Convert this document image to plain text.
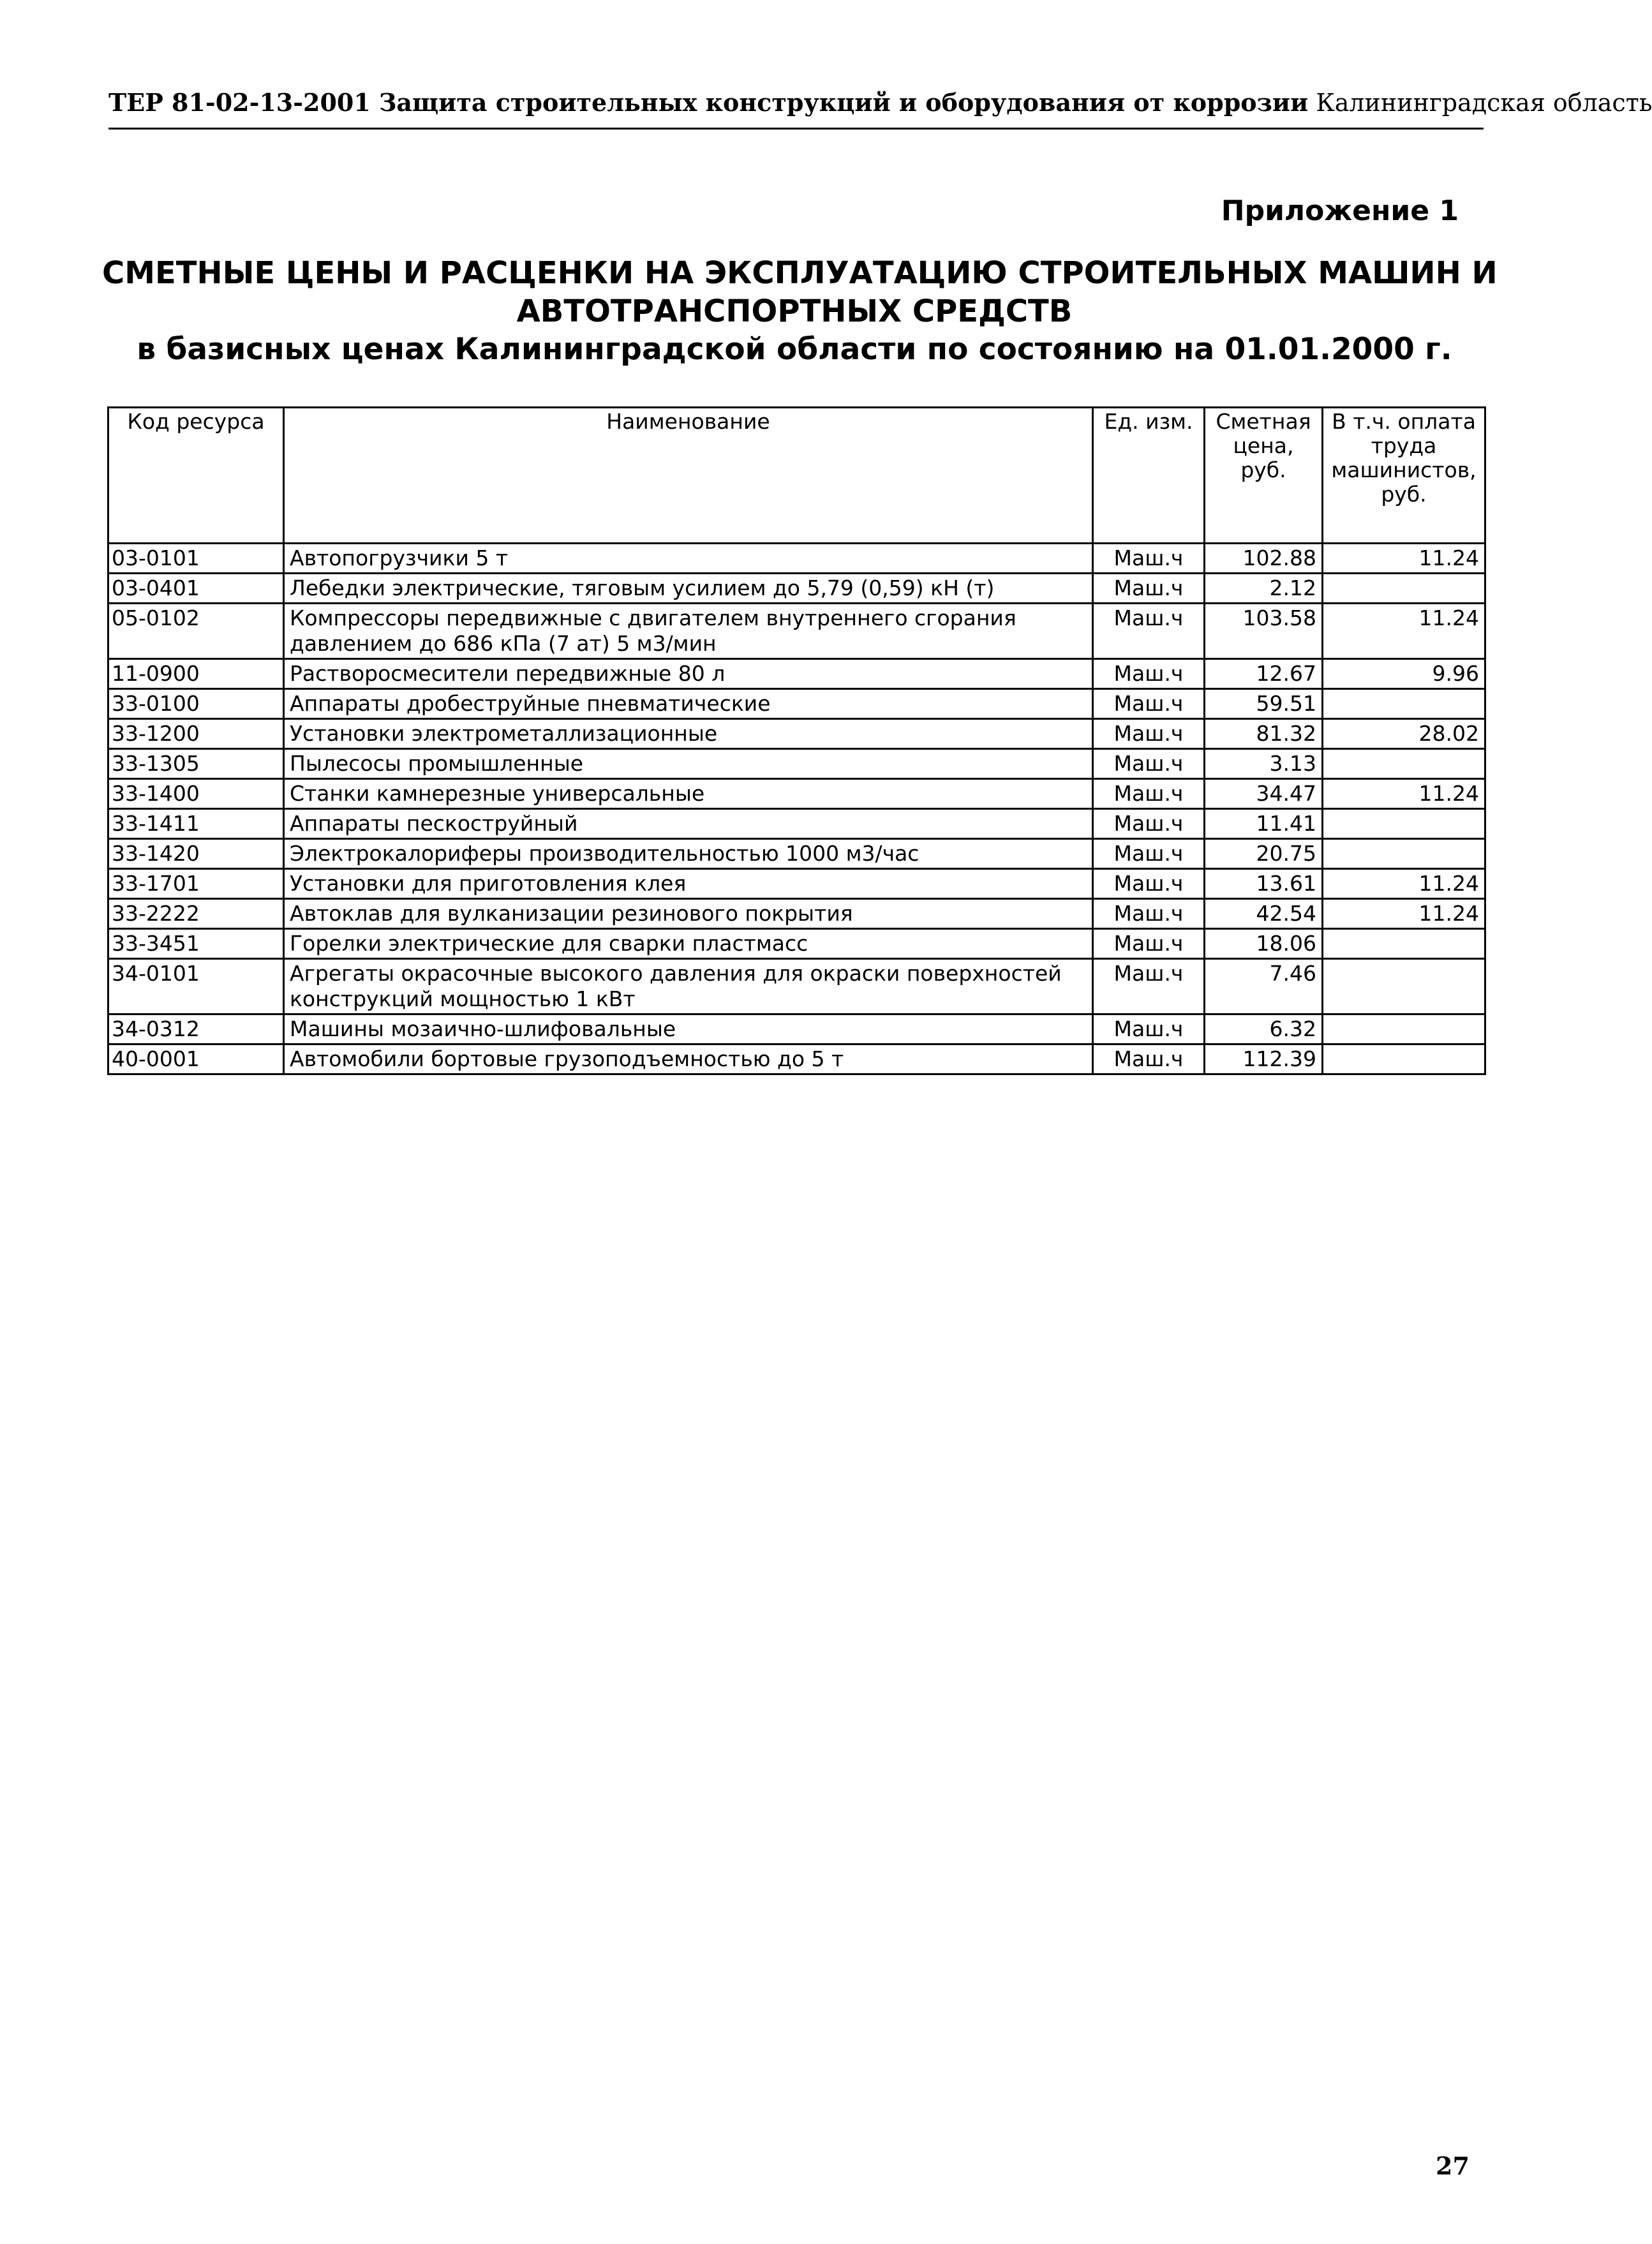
ТЕР 81-02-13-2001 Защита строительных конструкций и оборудования от коррозии Калининградская область
Приложение 1
СМЕТНЫЕ ЦЕНЫ И РАСЦЕНКИ НА ЭКСПЛУАТАЦИЮ СТРОИТЕЛЬНЫХ МАШИН И
АВТОТРАНСПОРТНЫХ СРЕДСТВ
в базисных ценах Калининградской области по состоянию на 01.01.2000 г.
Код ресурса	Наименование	Ед. изм.	Сметная цена, руб.	В т.ч. оплата труда машинистов, руб.
03-0101	Автопогрузчики 5 т	Маш.ч	102.88	11.24
03-0401	Лебедки электрические, тяговым усилием до 5,79 (0,59) кН (т)	Маш.ч	2.12	
05-0102	Компрессоры передвижные с двигателем внутреннего сгорания давлением до 686 кПа (7 ат) 5 м3/мин	Маш.ч	103.58	11.24
11-0900	Растворосмесители передвижные 80 л	Маш.ч	12.67	9.96
33-0100	Аппараты дробеструйные пневматические	Маш.ч	59.51	
33-1200	Установки электрометаллизационные	Маш.ч	81.32	28.02
33-1305	Пылесосы промышленные	Маш.ч	3.13	
33-1400	Станки камнерезные универсальные	Маш.ч	34.47	11.24
33-1411	Аппараты пескоструйный	Маш.ч	11.41	
33-1420	Электрокалориферы производительностью 1000 м3/час	Маш.ч	20.75	
33-1701	Установки для приготовления клея	Маш.ч	13.61	11.24
33-2222	Автоклав для вулканизации резинового покрытия	Маш.ч	42.54	11.24
33-3451	Горелки электрические для сварки пластмасс	Маш.ч	18.06	
34-0101	Агрегаты окрасочные высокого давления для окраски поверхностей конструкций мощностью 1 кВт	Маш.ч	7.46	
34-0312	Машины мозаично-шлифовальные	Маш.ч	6.32	
40-0001	Автомобили бортовые грузоподъемностью до 5 т	Маш.ч	112.39	
27
